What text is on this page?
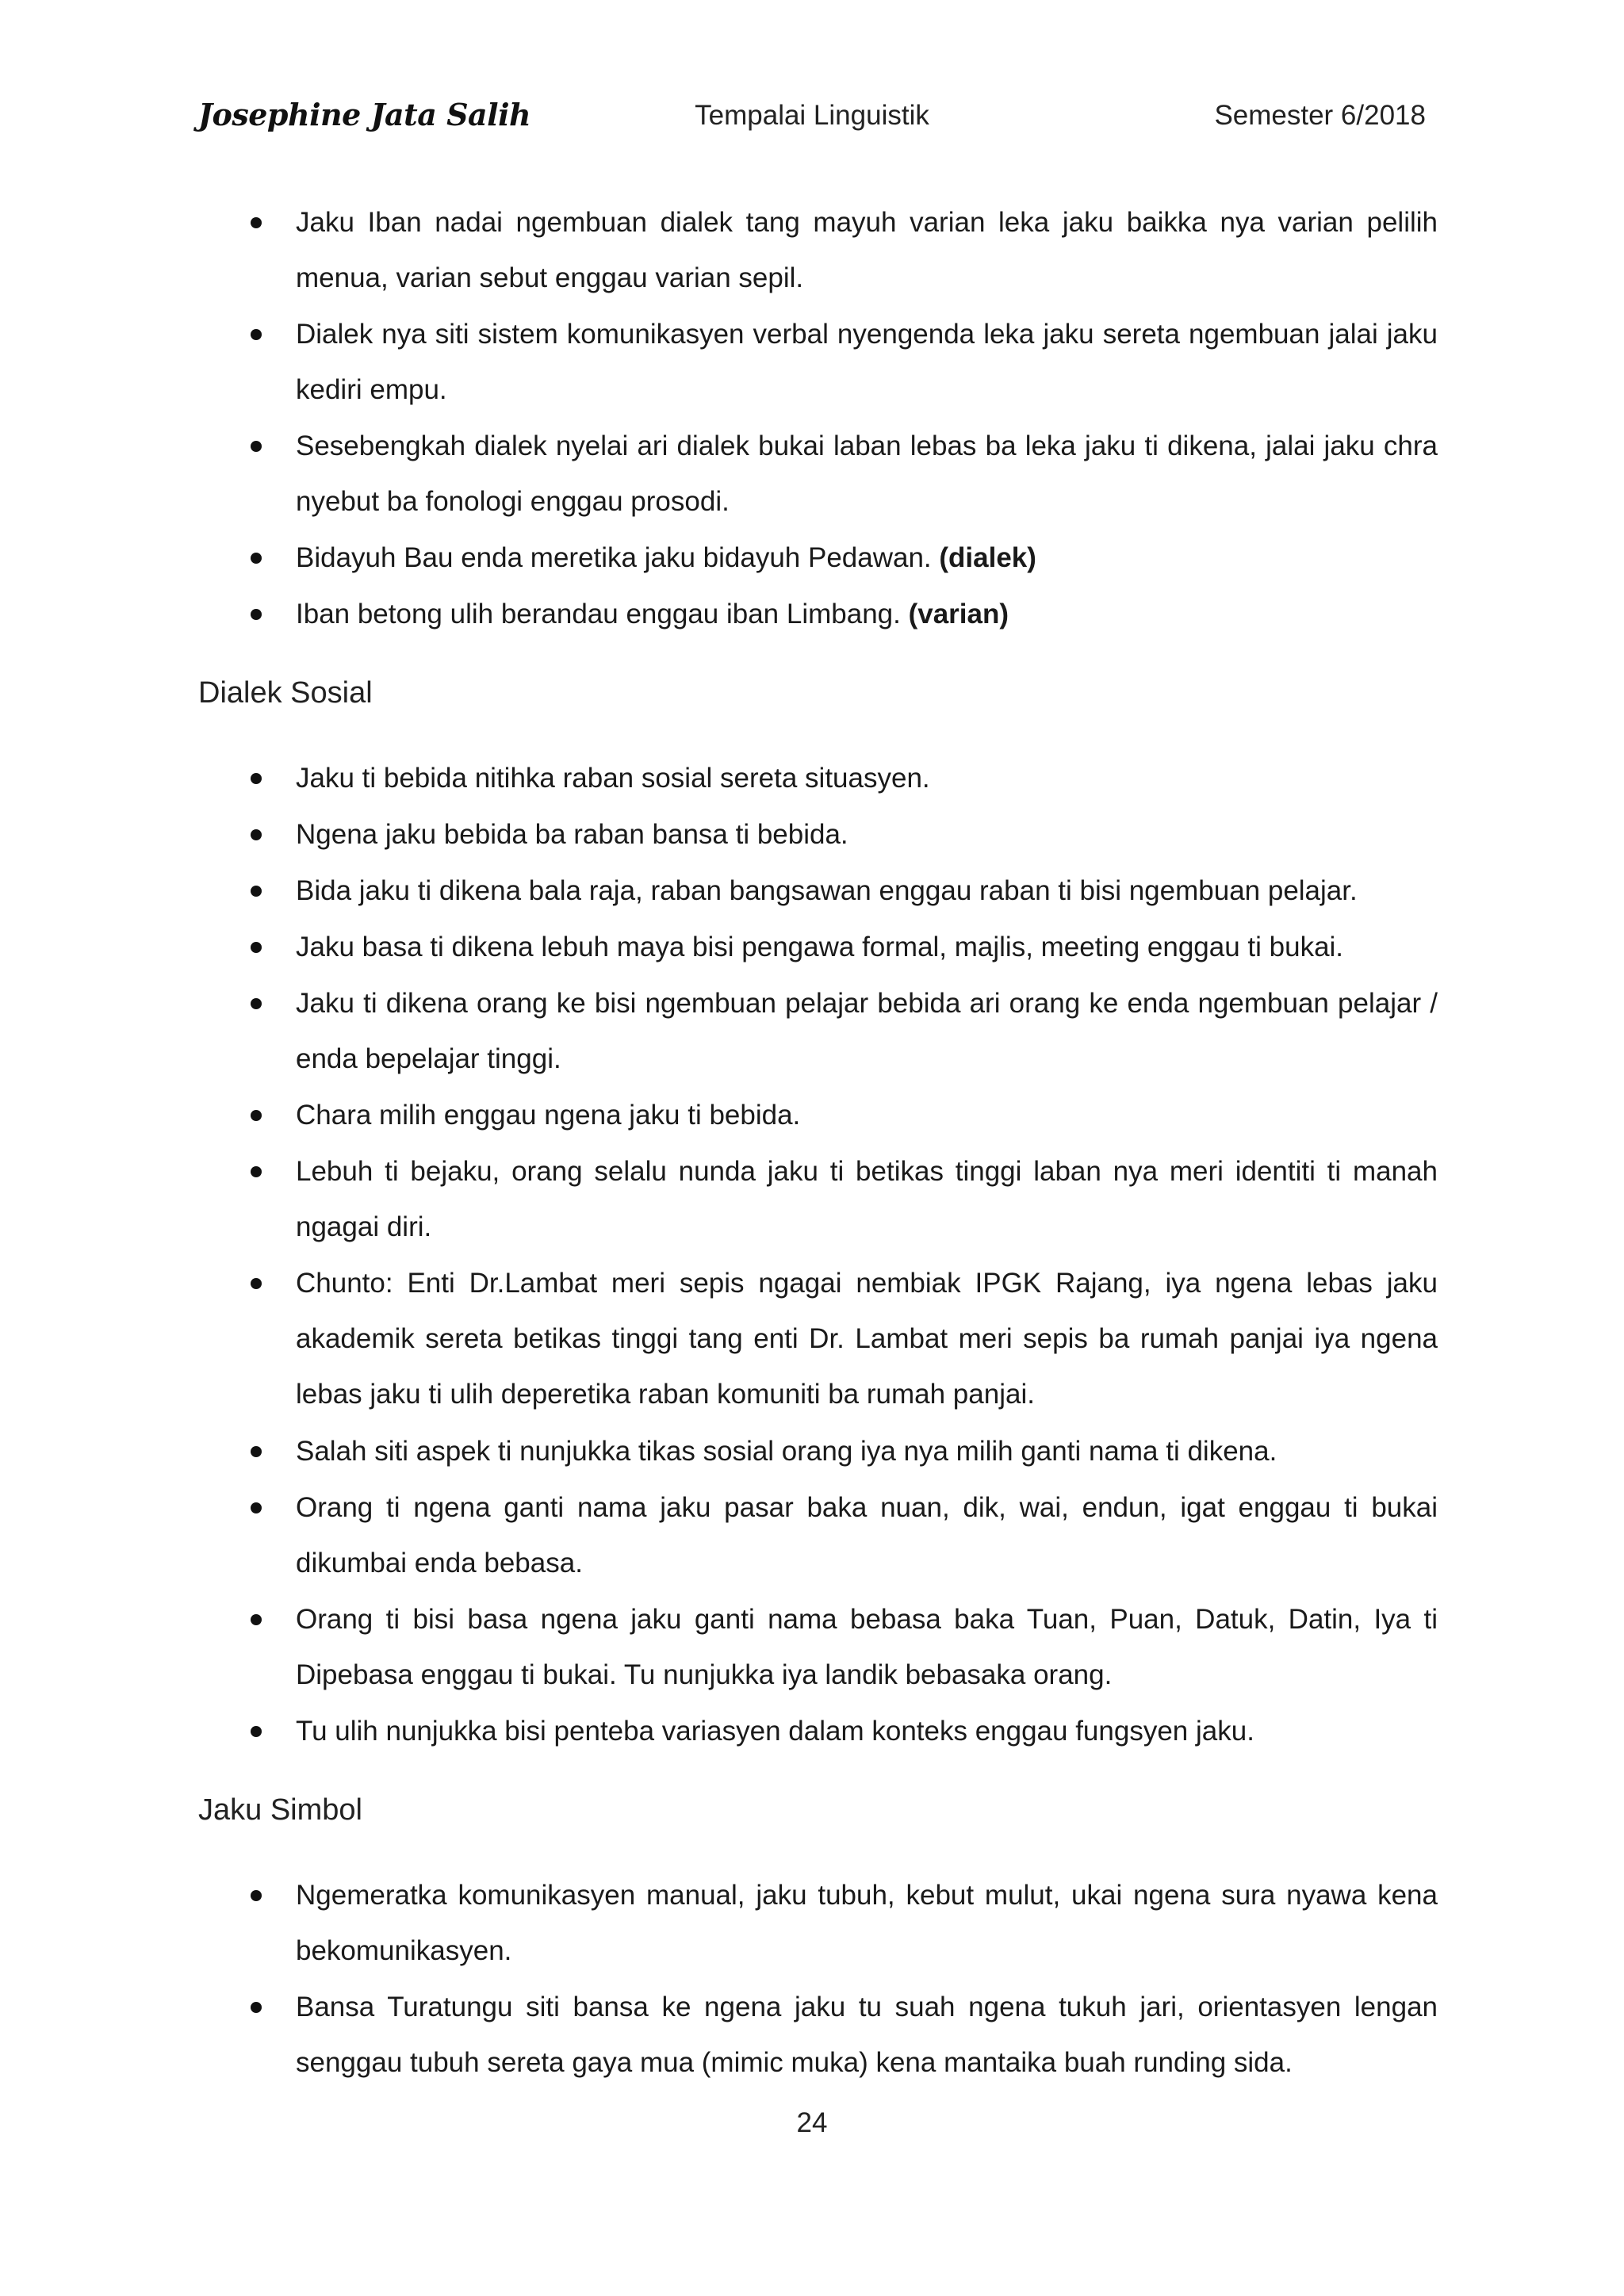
Josephine Jata Salih	Tempalai Linguistik	Semester 6/2018
Jaku Iban nadai ngembuan dialek tang mayuh varian leka jaku baikka nya varian pelilih menua, varian sebut enggau varian sepil.
Dialek nya siti sistem komunikasyen verbal nyengenda leka jaku sereta ngembuan jalai jaku kediri empu.
Sesebengkah dialek nyelai ari dialek bukai laban lebas ba leka jaku ti dikena, jalai jaku chra nyebut ba fonologi enggau prosodi.
Bidayuh Bau enda meretika jaku bidayuh Pedawan. (dialek)
Iban betong ulih berandau enggau iban Limbang. (varian)
Dialek Sosial
Jaku ti bebida nitihka raban sosial sereta situasyen.
Ngena jaku bebida ba raban bansa ti bebida.
Bida jaku ti dikena bala raja, raban bangsawan enggau raban ti bisi ngembuan pelajar.
Jaku basa ti dikena lebuh maya bisi pengawa formal, majlis, meeting enggau ti bukai.
Jaku ti dikena orang ke bisi ngembuan pelajar bebida ari orang ke enda ngembuan pelajar / enda bepelajar tinggi.
Chara milih enggau ngena jaku ti bebida.
Lebuh ti bejaku, orang selalu nunda jaku ti betikas tinggi laban nya meri identiti ti manah ngagai diri.
Chunto: Enti Dr.Lambat meri sepis ngagai nembiak IPGK Rajang, iya ngena lebas jaku akademik sereta betikas tinggi tang enti Dr. Lambat meri sepis ba rumah panjai iya ngena lebas jaku ti ulih deperetika raban komuniti ba rumah panjai.
Salah siti aspek ti nunjukka tikas sosial orang iya nya milih ganti nama ti dikena.
Orang ti ngena ganti nama jaku pasar baka nuan, dik, wai, endun, igat enggau ti bukai dikumbai enda bebasa.
Orang ti bisi basa ngena jaku ganti nama bebasa baka Tuan, Puan, Datuk, Datin, Iya ti Dipebasa enggau ti bukai. Tu nunjukka iya landik bebasaka orang.
Tu ulih nunjukka bisi penteba variasyen dalam konteks enggau fungsyen jaku.
Jaku Simbol
Ngemeratka komunikasyen manual, jaku tubuh, kebut mulut, ukai ngena sura nyawa kena bekomunikasyen.
Bansa Turatungu siti bansa ke ngena jaku tu suah ngena tukuh jari, orientasyen lengan senggau tubuh sereta gaya mua (mimic muka) kena mantaika buah runding sida.
24
